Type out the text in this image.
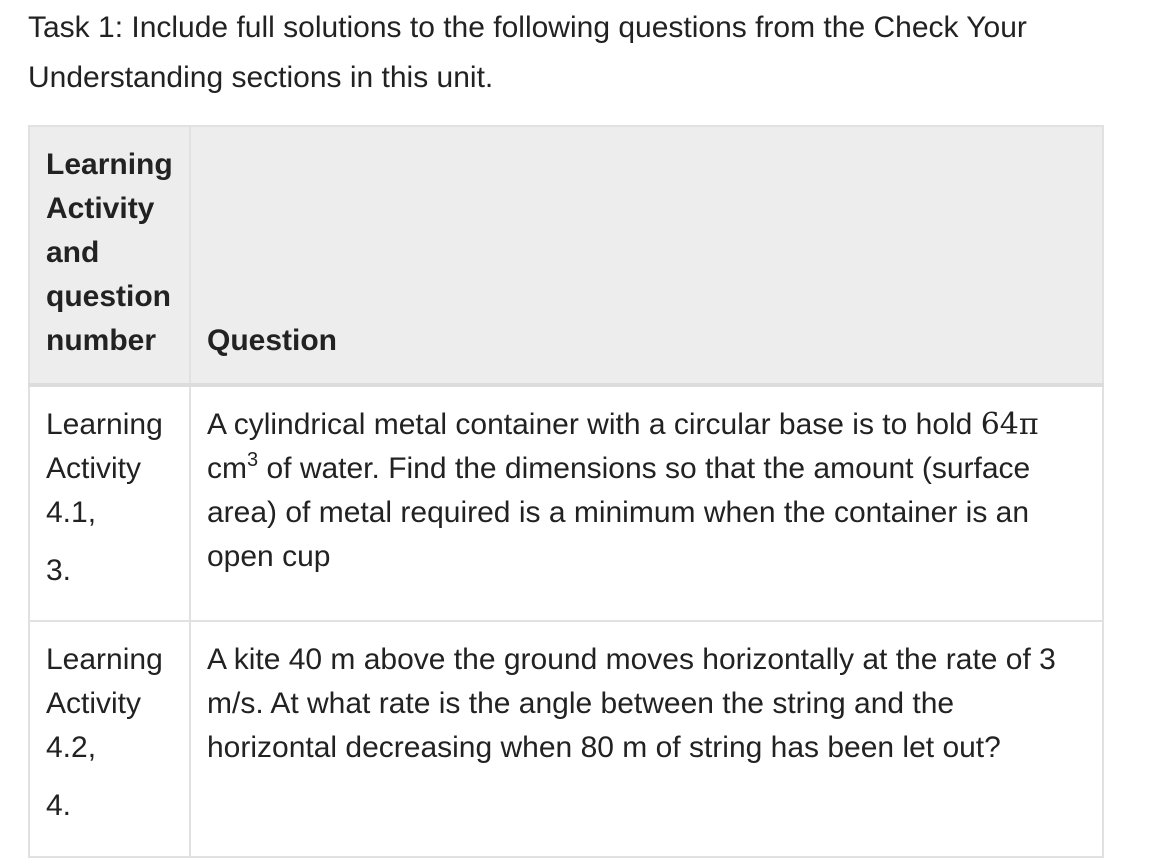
Task 1: Include full solutions to the following questions from the Check Your Understanding sections in this unit.

Learning
Activity
and
question
number	Question

Learning
Activity
4.1,
3.	A cylindrical metal container with a circular base is to hold 64π $cm^3$ of water. Find the dimensions so that the amount (surface area) of metal required is a minimum when the container is an open cup

Learning
Activity
4.2,
4.	A kite 40 m above the ground moves horizontally at the rate of 3 m/s. At what rate is the angle between the string and the horizontal decreasing when 80 m of string has been let out?
